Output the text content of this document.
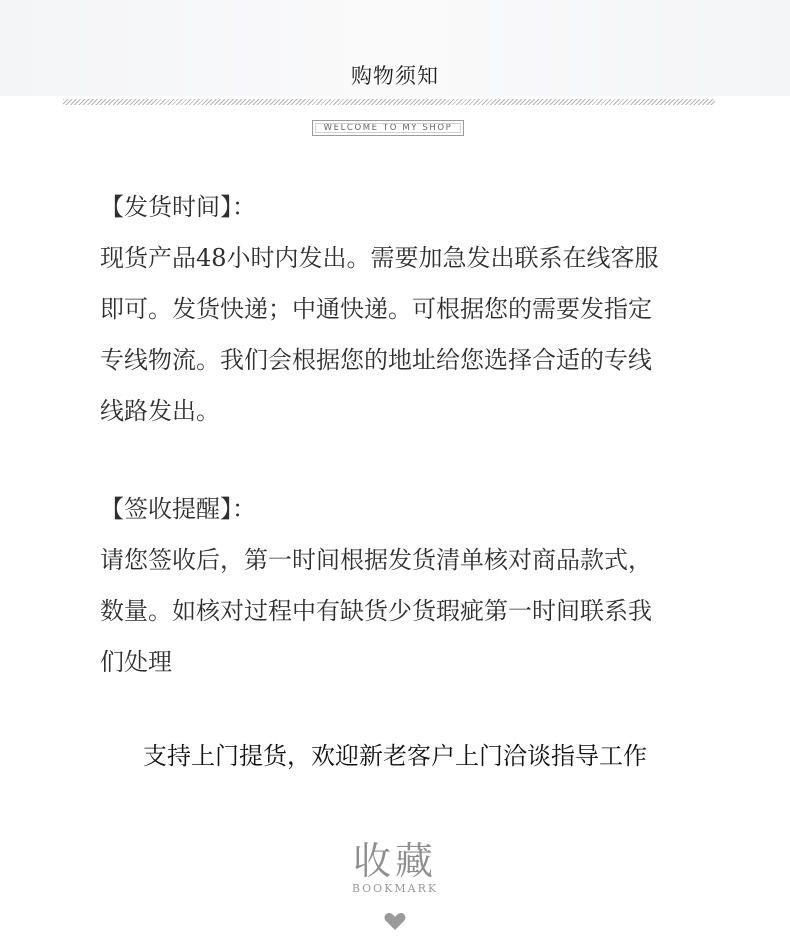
购物须知
WELCOME TO MY SHOP
【发货时间】：
现货产品48小时内发出。需要加急发出联系在线客服
即可。发货快递；中通快递。可根据您的需要发指定
专线物流。我们会根据您的地址给您选择合适的专线
线路发出。
【签收提醒】：
请您签收后，第一时间根据发货清单核对商品款式，
数量。如核对过程中有缺货少货瑕疵第一时间联系我
们处理
支持上门提货，欢迎新老客户上门洽谈指导工作
收藏
BOOKMARK
